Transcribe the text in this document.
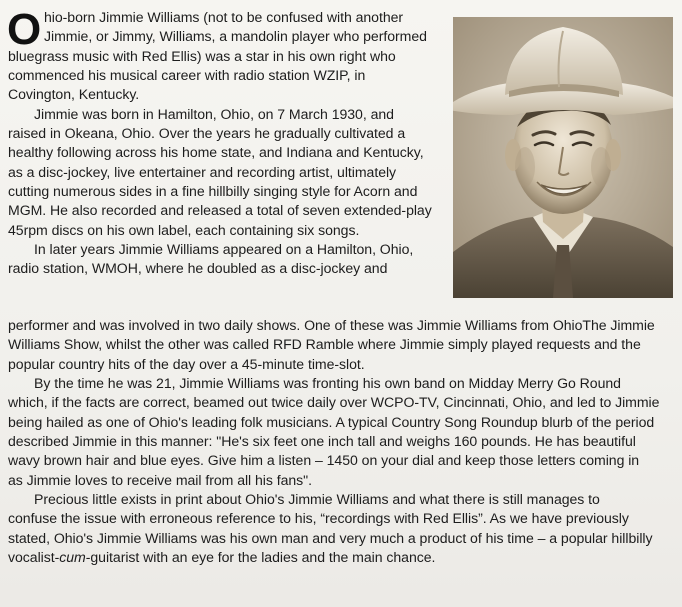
O hio-born Jimmie Williams (not to be confused with another
Jimmie, or Jimmy, Williams, a mandolin player who performed
bluegrass music with Red Ellis) was a star in his own right who
commenced his musical career with radio station WZIP, in
Covington, Kentucky.
Jimmie was born in Hamilton, Ohio, on 7 March 1930, and
raised in Okeana, Ohio. Over the years he gradually cultivated a
healthy following across his home state, and Indiana and Kentucky,
as a disc-jockey, live entertainer and recording artist, ultimately
cutting numerous sides in a fine hillbilly singing style for Acorn and
MGM. He also recorded and released a total of seven extended-play
45rpm discs on his own label, each containing six songs.
In later years Jimmie Williams appeared on a Hamilton, Ohio,
radio station, WMOH, where he doubled as a disc-jockey and
performer and was involved in two daily shows. One of these was Jimmie Williams from OhioThe Jimmie
Williams Show, whilst the other was called RFD Ramble where Jimmie simply played requests and the
popular country hits of the day over a 45-minute time-slot.
By the time he was 21, Jimmie Williams was fronting his own band on Midday Merry Go Round
which, if the facts are correct, beamed out twice daily over WCPO-TV, Cincinnati, Ohio, and led to Jimmie
being hailed as one of Ohio's leading folk musicians. A typical Country Song Roundup blurb of the period
described Jimmie in this manner: "He's six feet one inch tall and weighs 160 pounds. He has beautiful
wavy brown hair and blue eyes. Give him a listen – 1450 on your dial and keep those letters coming in
as Jimmie loves to receive mail from all his fans".
Precious little exists in print about Ohio's Jimmie Williams and what there is still manages to
confuse the issue with erroneous reference to his, “recordings with Red Ellis”. As we have previously
stated, Ohio's Jimmie Williams was his own man and very much a product of his time – a popular hillbilly
vocalist-cum-guitarist with an eye for the ladies and the main chance.
